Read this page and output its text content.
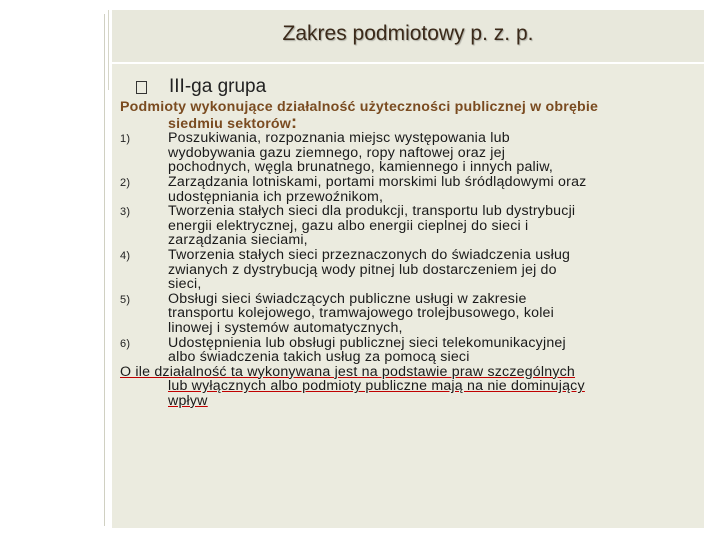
Zakres podmiotowy p. z. p.
III-ga grupa
Podmioty wykonujące działalność użyteczności publicznej w obrębie
siedmiu sektorów:
1)	Poszukiwania, rozpoznania miejsc występowania lub
wydobywania gazu ziemnego, ropy naftowej oraz jej
pochodnych, węgla brunatnego, kamiennego i innych paliw,
2)	Zarządzania lotniskami, portami morskimi lub śródlądowymi oraz
udostępniania ich przewoźnikom,
3)	Tworzenia stałych sieci dla produkcji, transportu lub dystrybucji
energii elektrycznej, gazu albo energii cieplnej do sieci i
zarządzania sieciami,
4)	Tworzenia stałych sieci przeznaczonych do świadczenia usług
zwianych z dystrybucją wody pitnej lub dostarczeniem jej do
sieci,
5)	Obsługi sieci świadczących publiczne usługi w zakresie
transportu kolejowego, tramwajowego trolejbusowego, kolei
linowej i systemów automatycznych,
6)	Udostępnienia lub obsługi publicznej sieci telekomunikacyjnej
albo świadczenia takich usług za pomocą sieci
O ile działalność ta wykonywana jest na podstawie praw szczególnych
lub wyłącznych albo podmioty publiczne mają na nie dominujący
wpływ
